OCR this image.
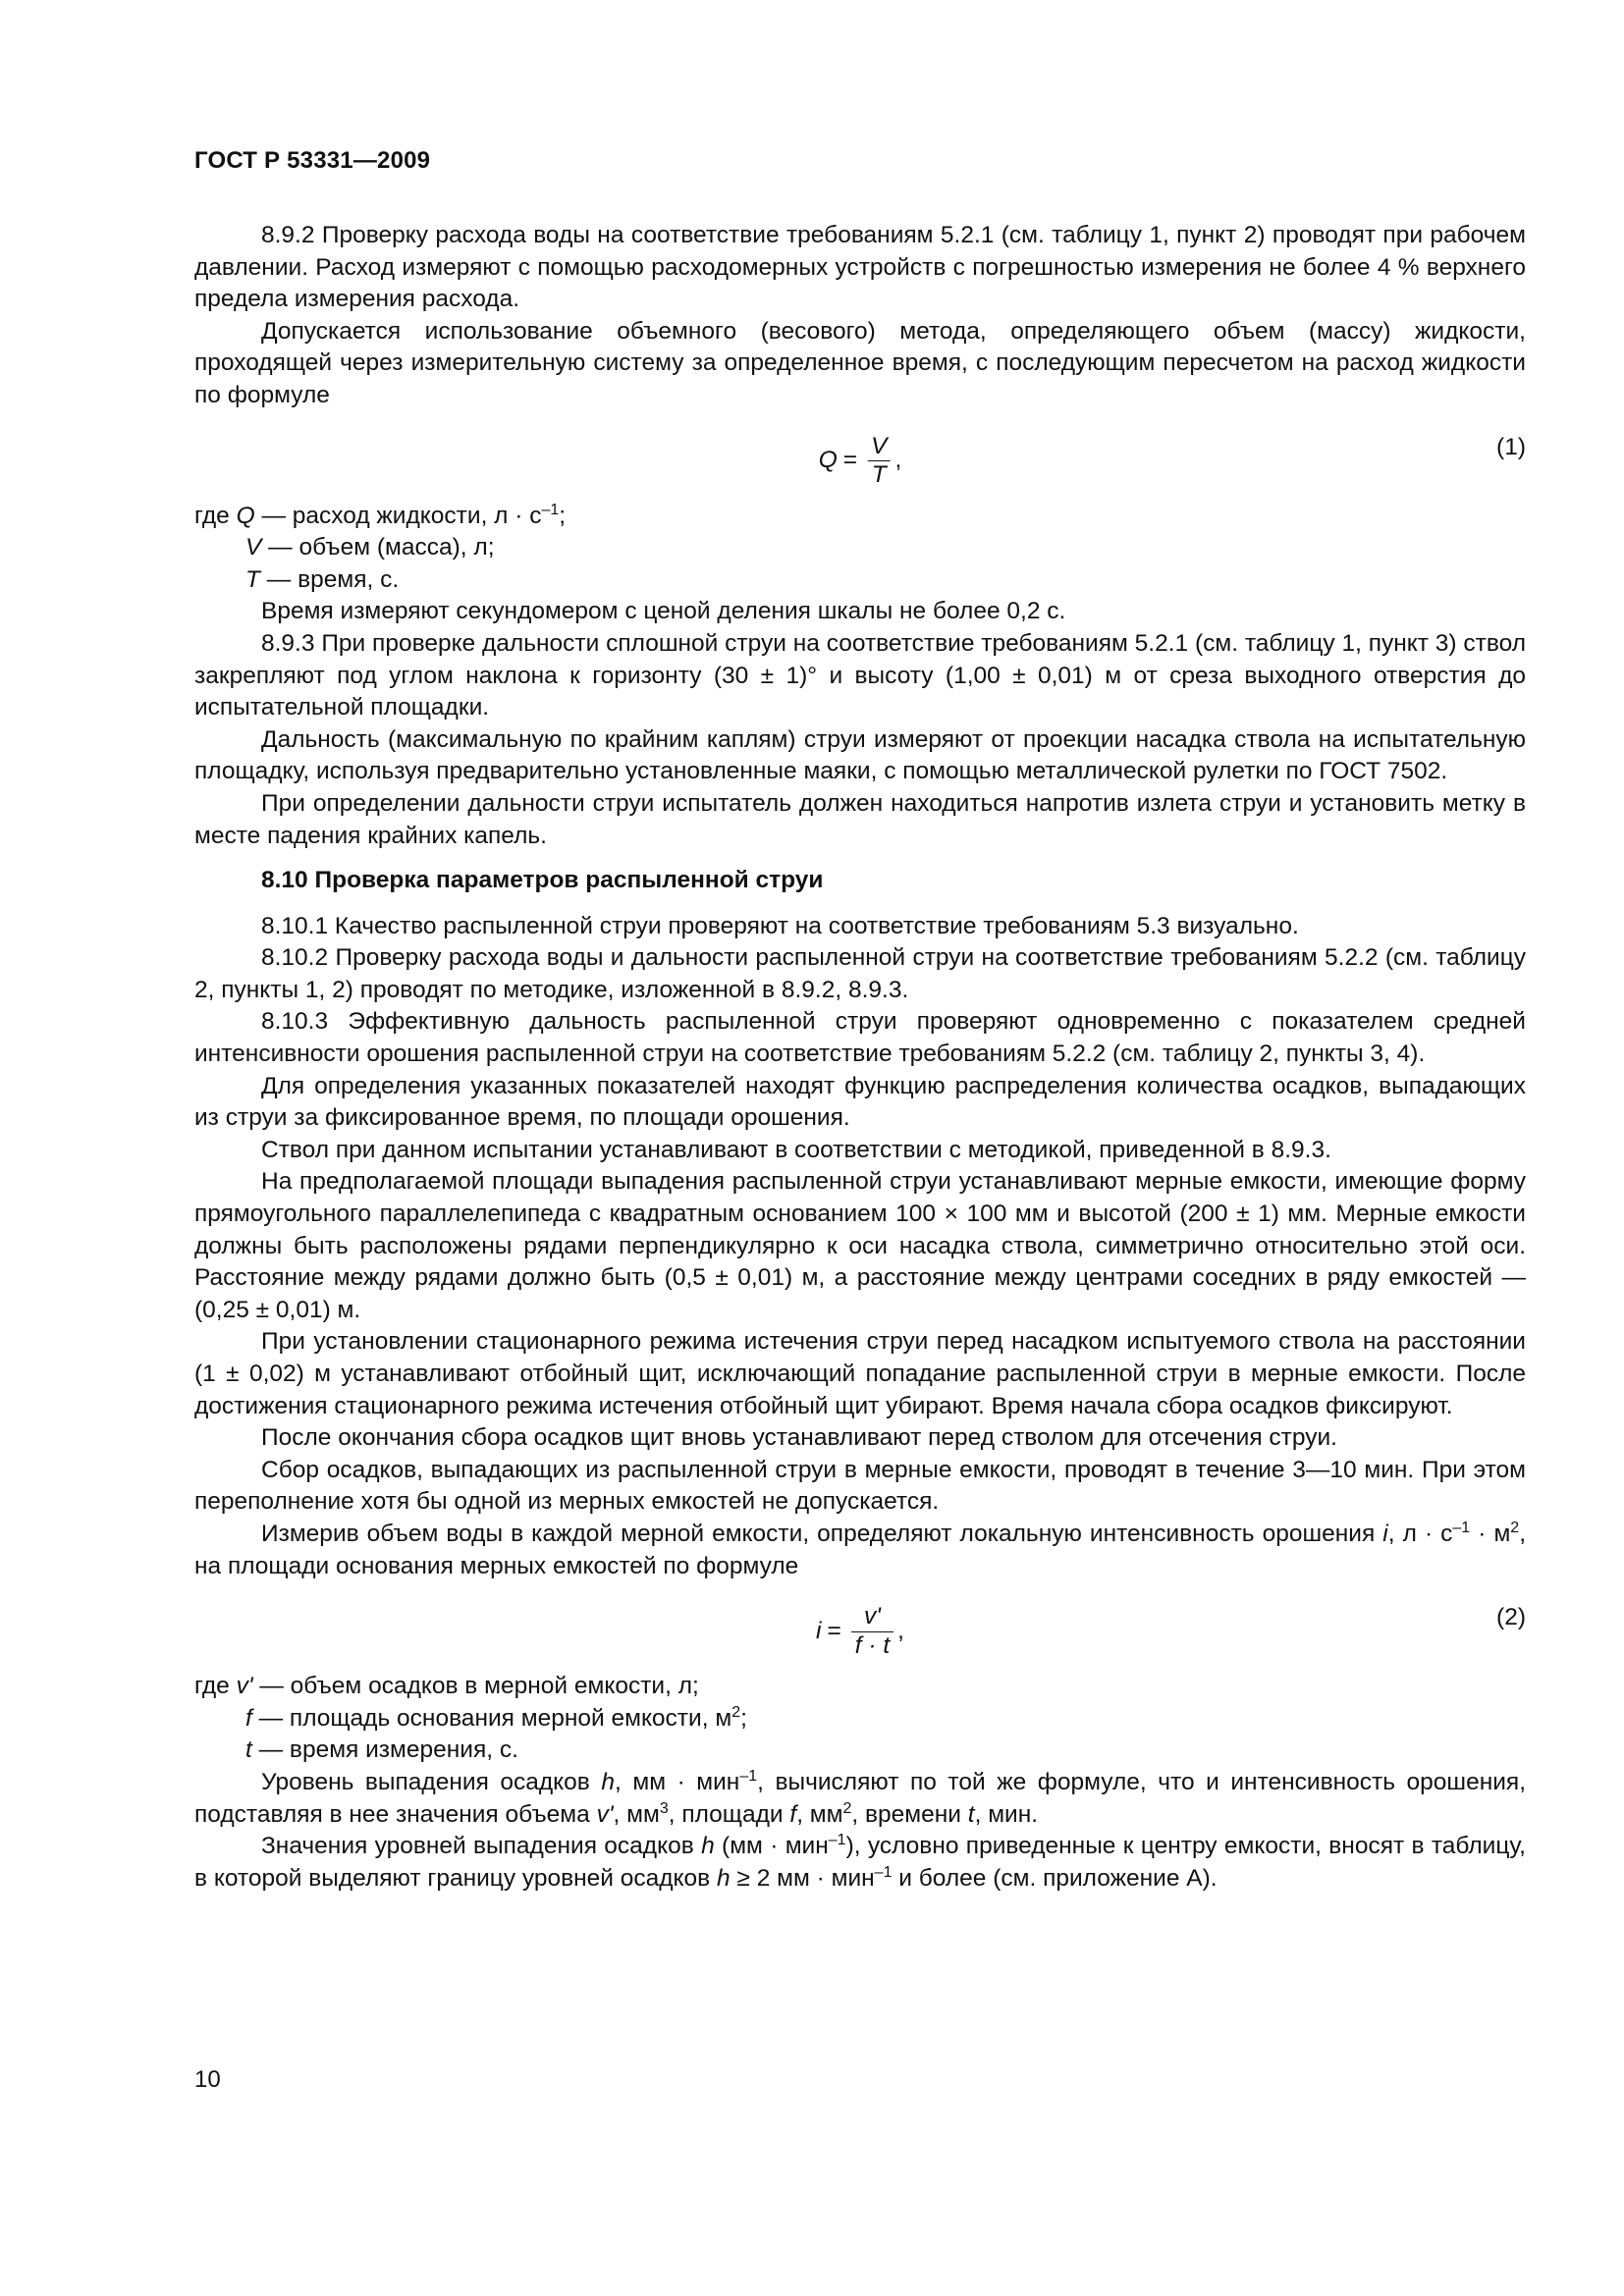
ГОСТ Р 53331—2009

8.9.2 Проверку расхода воды на соответствие требованиям 5.2.1 (см. таблицу 1, пункт 2) проводят при рабочем давлении. Расход измеряют с помощью расходомерных устройств с погрешностью измерения не более 4 % верхнего предела измерения расхода.

Допускается использование объемного (весового) метода, определяющего объем (массу) жидкости, проходящей через измерительную систему за определенное время, с последующим пересчетом на расход жидкости по формуле

$Q = \frac{V}{T}$ ,
(1)

где Q — расход жидкости, $л \cdot с^{-1}$;

V — объем (масса), л;

T — время, с.

Время измеряют секундомером с ценой деления шкалы не более 0,2 с.

8.9.3 При проверке дальности сплошной струи на соответствие требованиям 5.2.1 (см. таблицу 1, пункт 3) ствол закрепляют под углом наклона к горизонту (30 ± 1)° и высоту (1,00 ± 0,01) м от среза выходного отверстия до испытательной площадки.

Дальность (максимальную по крайним каплям) струи измеряют от проекции насадка ствола на испытательную площадку, используя предварительно установленные маяки, с помощью металлической рулетки по ГОСТ 7502.

При определении дальности струи испытатель должен находиться напротив излета струи и установить метку в месте падения крайних капель.

8.10 Проверка параметров распыленной струи

8.10.1 Качество распыленной струи проверяют на соответствие требованиям 5.3 визуально.

8.10.2 Проверку расхода воды и дальности распыленной струи на соответствие требованиям 5.2.2 (см. таблицу 2, пункты 1, 2) проводят по методике, изложенной в 8.9.2, 8.9.3.

8.10.3 Эффективную дальность распыленной струи проверяют одновременно с показателем средней интенсивности орошения распыленной струи на соответствие требованиям 5.2.2 (см. таблицу 2, пункты 3, 4).

Для определения указанных показателей находят функцию распределения количества осадков, выпадающих из струи за фиксированное время, по площади орошения.

Ствол при данном испытании устанавливают в соответствии с методикой, приведенной в 8.9.3.

На предполагаемой площади выпадения распыленной струи устанавливают мерные емкости, имеющие форму прямоугольного параллелепипеда с квадратным основанием 100 × 100 мм и высотой (200 ± 1) мм. Мерные емкости должны быть расположены рядами перпендикулярно к оси насадка ствола, симметрично относительно этой оси. Расстояние между рядами должно быть (0,5 ± 0,01) м, а расстояние между центрами соседних в ряду емкостей — (0,25 ± 0,01) м.

При установлении стационарного режима истечения струи перед насадком испытуемого ствола на расстоянии (1 ± 0,02) м устанавливают отбойный щит, исключающий попадание распыленной струи в мерные емкости. После достижения стационарного режима истечения отбойный щит убирают. Время начала сбора осадков фиксируют.

После окончания сбора осадков щит вновь устанавливают перед стволом для отсечения струи.

Сбор осадков, выпадающих из распыленной струи в мерные емкости, проводят в течение 3—10 мин. При этом переполнение хотя бы одной из мерных емкостей не допускается.

Измерив объем воды в каждой мерной емкости, определяют локальную интенсивность орошения i, $л \cdot с^{-1} \cdot м^2$, на площади основания мерных емкостей по формуле

$i = \frac{v'}{f \cdot t}$ ,
(2)

где v' — объем осадков в мерной емкости, л;

f — площадь основания мерной емкости, $м^2$;

t — время измерения, с.

Уровень выпадения осадков h, мм · мин$^{-1}$, вычисляют по той же формуле, что и интенсивность орошения, подставляя в нее значения объема v', $мм^3$, площади f, $мм^2$, времени t, мин.

Значения уровней выпадения осадков h (мм · мин$^{-1}$), условно приведенные к центру емкости, вносят в таблицу, в которой выделяют границу уровней осадков h ≥ 2 мм · мин$^{-1}$ и более (см. приложение А).

10
